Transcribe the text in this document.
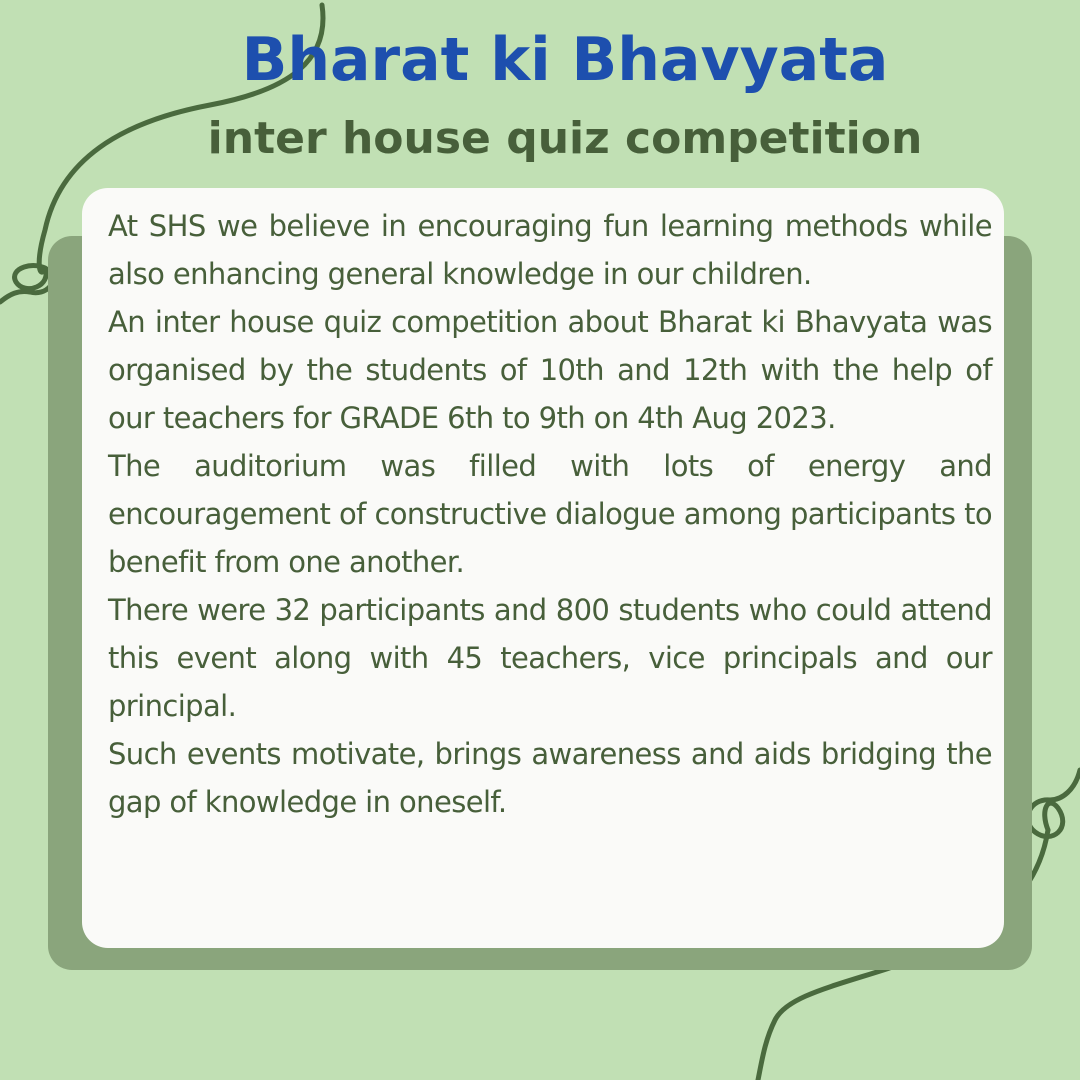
Bharat ki Bhavyata
inter house quiz competition

At SHS we believe in encouraging fun learning methods while also enhancing general knowledge in our children.

An inter house quiz competition about Bharat ki Bhavyata was organised by the students of 10th and 12th with the help of our teachers for GRADE 6th to 9th on 4th Aug 2023.

The auditorium was filled with lots of energy and encouragement of constructive dialogue among participants to benefit from one another.

There were 32 participants and 800 students who could attend this event along with 45 teachers, vice principals and our principal.

Such events motivate, brings awareness and aids bridging the gap of knowledge in oneself.
